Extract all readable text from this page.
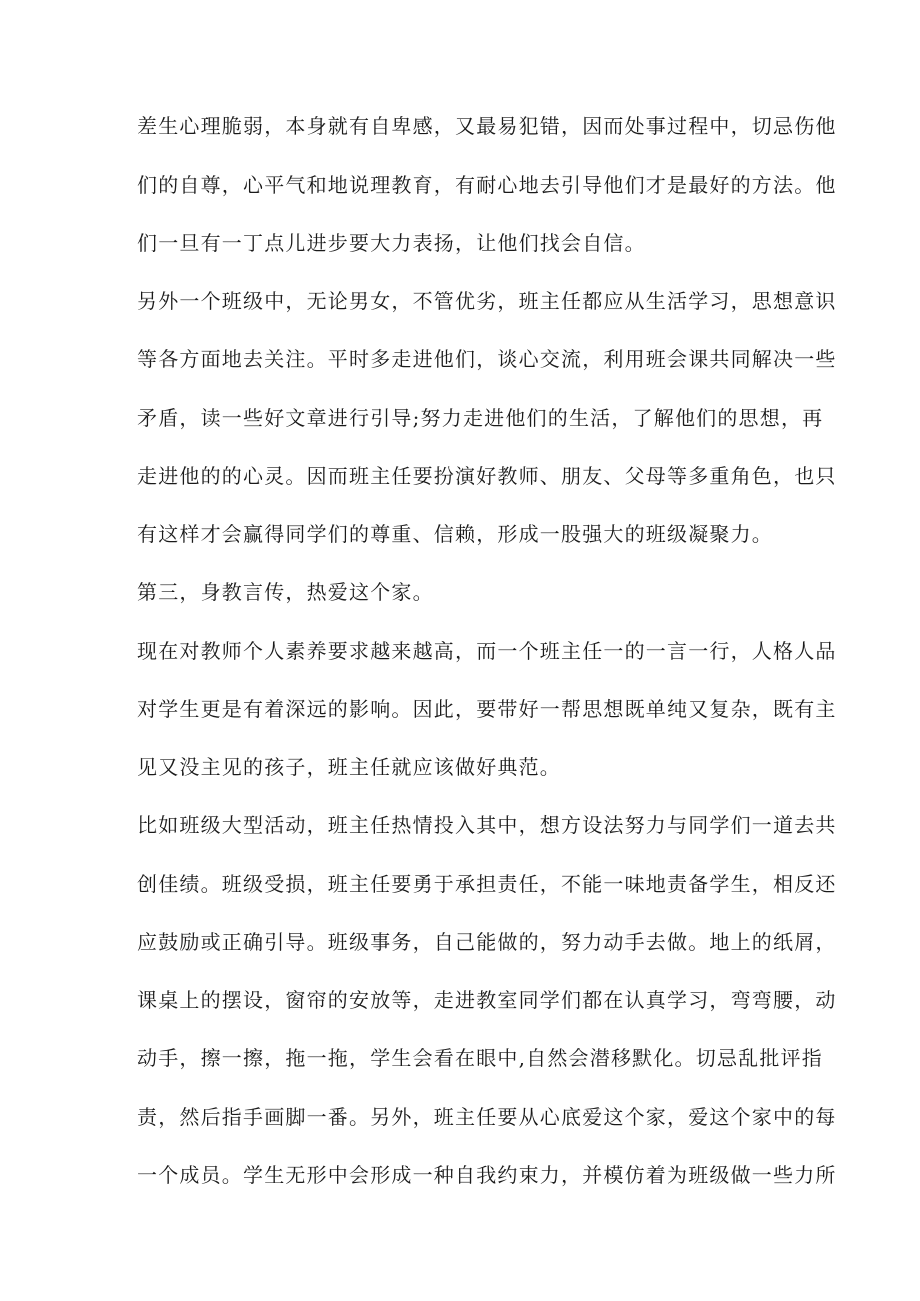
差生心理脆弱，本身就有自卑感，又最易犯错，因而处事过程中，切忌伤他
们的自尊，心平气和地说理教育，有耐心地去引导他们才是最好的方法。他
们一旦有一丁点儿进步要大力表扬，让他们找会自信。
另外一个班级中，无论男女，不管优劣，班主任都应从生活学习，思想意识
等各方面地去关注。平时多走进他们，谈心交流，利用班会课共同解决一些
矛盾，读一些好文章进行引导;努力走进他们的生活，了解他们的思想，再
走进他的的心灵。因而班主任要扮演好教师、朋友、父母等多重角色，也只
有这样才会赢得同学们的尊重、信赖，形成一股强大的班级凝聚力。
第三，身教言传，热爱这个家。
现在对教师个人素养要求越来越高，而一个班主任一的一言一行，人格人品
对学生更是有着深远的影响。因此，要带好一帮思想既单纯又复杂，既有主
见又没主见的孩子，班主任就应该做好典范。
比如班级大型活动，班主任热情投入其中，想方设法努力与同学们一道去共
创佳绩。班级受损，班主任要勇于承担责任，不能一味地责备学生，相反还
应鼓励或正确引导。班级事务，自己能做的，努力动手去做。地上的纸屑，
课桌上的摆设，窗帘的安放等，走进教室同学们都在认真学习，弯弯腰，动
动手，擦一擦，拖一拖，学生会看在眼中,自然会潜移默化。切忌乱批评指
责，然后指手画脚一番。另外，班主任要从心底爱这个家，爱这个家中的每
一个成员。学生无形中会形成一种自我约束力，并模仿着为班级做一些力所
